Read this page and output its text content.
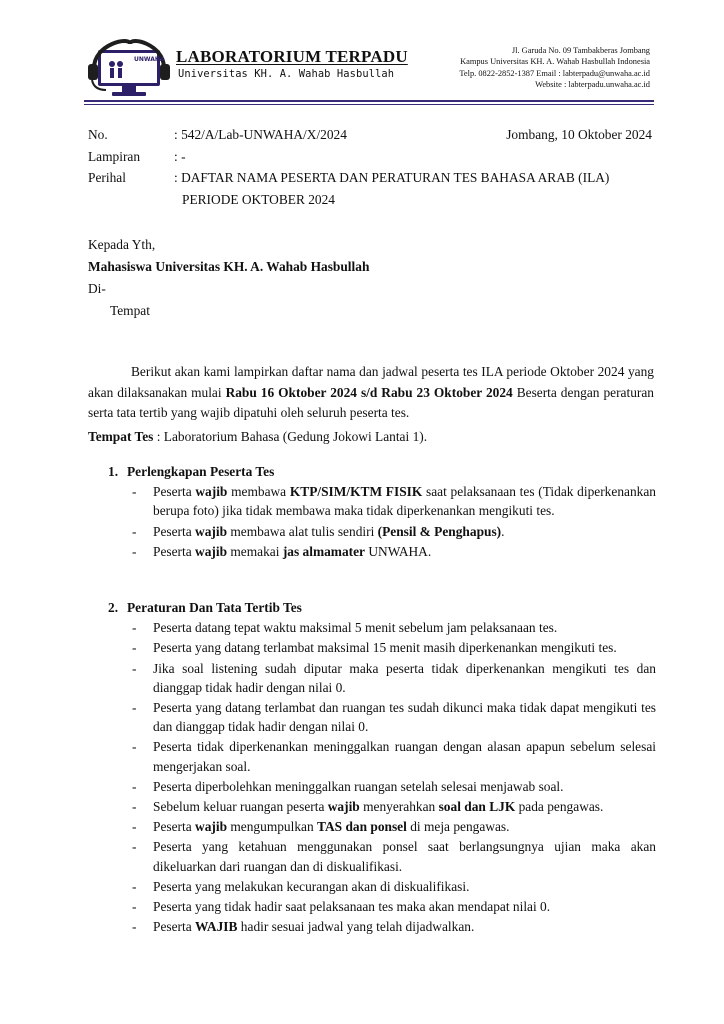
UNWAHA LABORATORIUM TERPADU
Universitas KH. A. Wahab Hasbullah
Jl. Garuda No. 09 Tambakberas Jombang
Kampus Universitas KH. A. Wahab Hasbullah Indonesia
Telp. 0822-2852-1387 Email : labterpadu@unwaha.ac.id
Website : labterpadu.unwaha.ac.id
No.	: 542/A/Lab-UNWAHA/X/2024	Jombang, 10 Oktober 2024
Lampiran	: -
Perihal	: DAFTAR NAMA PESERTA DAN PERATURAN TES BAHASA ARAB (ILA)
PERIODE OKTOBER 2024
Kepada Yth,
Mahasiswa Universitas KH. A. Wahab Hasbullah
Di-
Tempat

Berikut akan kami lampirkan daftar nama dan jadwal peserta tes ILA periode Oktober 2024 yang akan dilaksanakan mulai Rabu 16 Oktober 2024 s/d Rabu 23 Oktober 2024 Beserta dengan peraturan serta tata tertib yang wajib dipatuhi oleh seluruh peserta tes.

Tempat Tes : Laboratorium Bahasa (Gedung Jokowi Lantai 1).
1. Perlengkapan Peserta Tes
- Peserta wajib membawa KTP/SIM/KTM FISIK saat pelaksanaan tes (Tidak diperkenankan berupa foto) jika tidak membawa maka tidak diperkenankan mengikuti tes.
- Peserta wajib membawa alat tulis sendiri (Pensil & Penghapus).
- Peserta wajib memakai jas almamater UNWAHA.
2. Peraturan Dan Tata Tertib Tes
- Peserta datang tepat waktu maksimal 5 menit sebelum jam pelaksanaan tes.
- Peserta yang datang terlambat maksimal 15 menit masih diperkenankan mengikuti tes.
- Jika soal listening sudah diputar maka peserta tidak diperkenankan mengikuti tes dan dianggap tidak hadir dengan nilai 0.
- Peserta yang datang terlambat dan ruangan tes sudah dikunci maka tidak dapat mengikuti tes dan dianggap tidak hadir dengan nilai 0.
- Peserta tidak diperkenankan meninggalkan ruangan dengan alasan apapun sebelum selesai mengerjakan soal.
- Peserta diperbolehkan meninggalkan ruangan setelah selesai menjawab soal.
- Sebelum keluar ruangan peserta wajib menyerahkan soal dan LJK pada pengawas.
- Peserta wajib mengumpulkan TAS dan ponsel di meja pengawas.
- Peserta yang ketahuan menggunakan ponsel saat berlangsungnya ujian maka akan dikeluarkan dari ruangan dan di diskualifikasi.
- Peserta yang melakukan kecurangan akan di diskualifikasi.
- Peserta yang tidak hadir saat pelaksanaan tes maka akan mendapat nilai 0.
- Peserta WAJIB hadir sesuai jadwal yang telah dijadwalkan.
